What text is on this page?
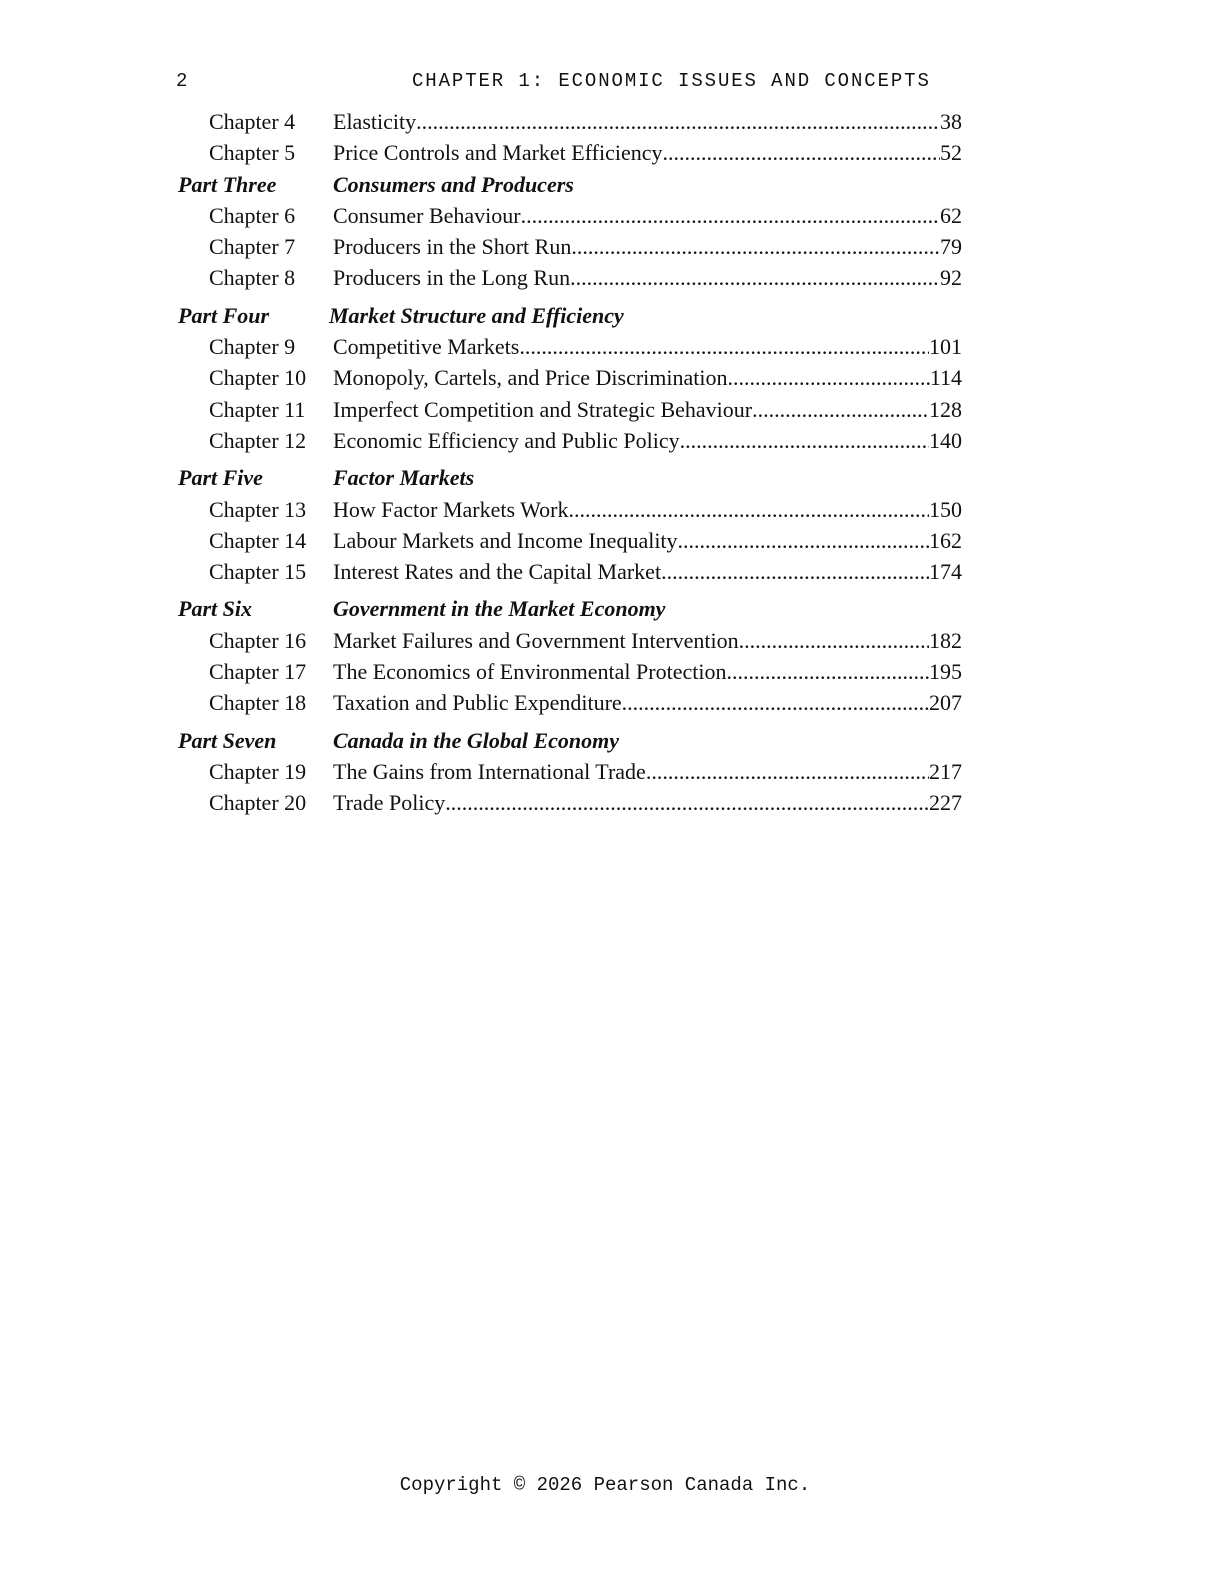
2	CHAPTER 1: ECONOMIC ISSUES AND CONCEPTS
Chapter 4	Elasticity .....	38
Chapter 5	Price Controls and Market Efficiency .....	52
Part Three	Consumers and Producers
Chapter 6	Consumer Behaviour .....	62
Chapter 7	Producers in the Short Run .....	79
Chapter 8	Producers in the Long Run .....	92
Part Four	Market Structure and Efficiency
Chapter 9	Competitive Markets .....	101
Chapter 10	Monopoly, Cartels, and Price Discrimination .....	114
Chapter 11	Imperfect Competition and Strategic Behaviour .....	128
Chapter 12	Economic Efficiency and Public Policy .....	140
Part Five	Factor Markets
Chapter 13	How Factor Markets Work .....	150
Chapter 14	Labour Markets and Income Inequality .....	162
Chapter 15	Interest Rates and the Capital Market .....	174
Part Six	Government in the Market Economy
Chapter 16	Market Failures and Government Intervention .....	182
Chapter 17	The Economics of Environmental Protection .....	195
Chapter 18	Taxation and Public Expenditure .....	207
Part Seven	Canada in the Global Economy
Chapter 19	The Gains from International Trade .....	217
Chapter 20	Trade Policy .....	227
Copyright © 2026 Pearson Canada Inc.
